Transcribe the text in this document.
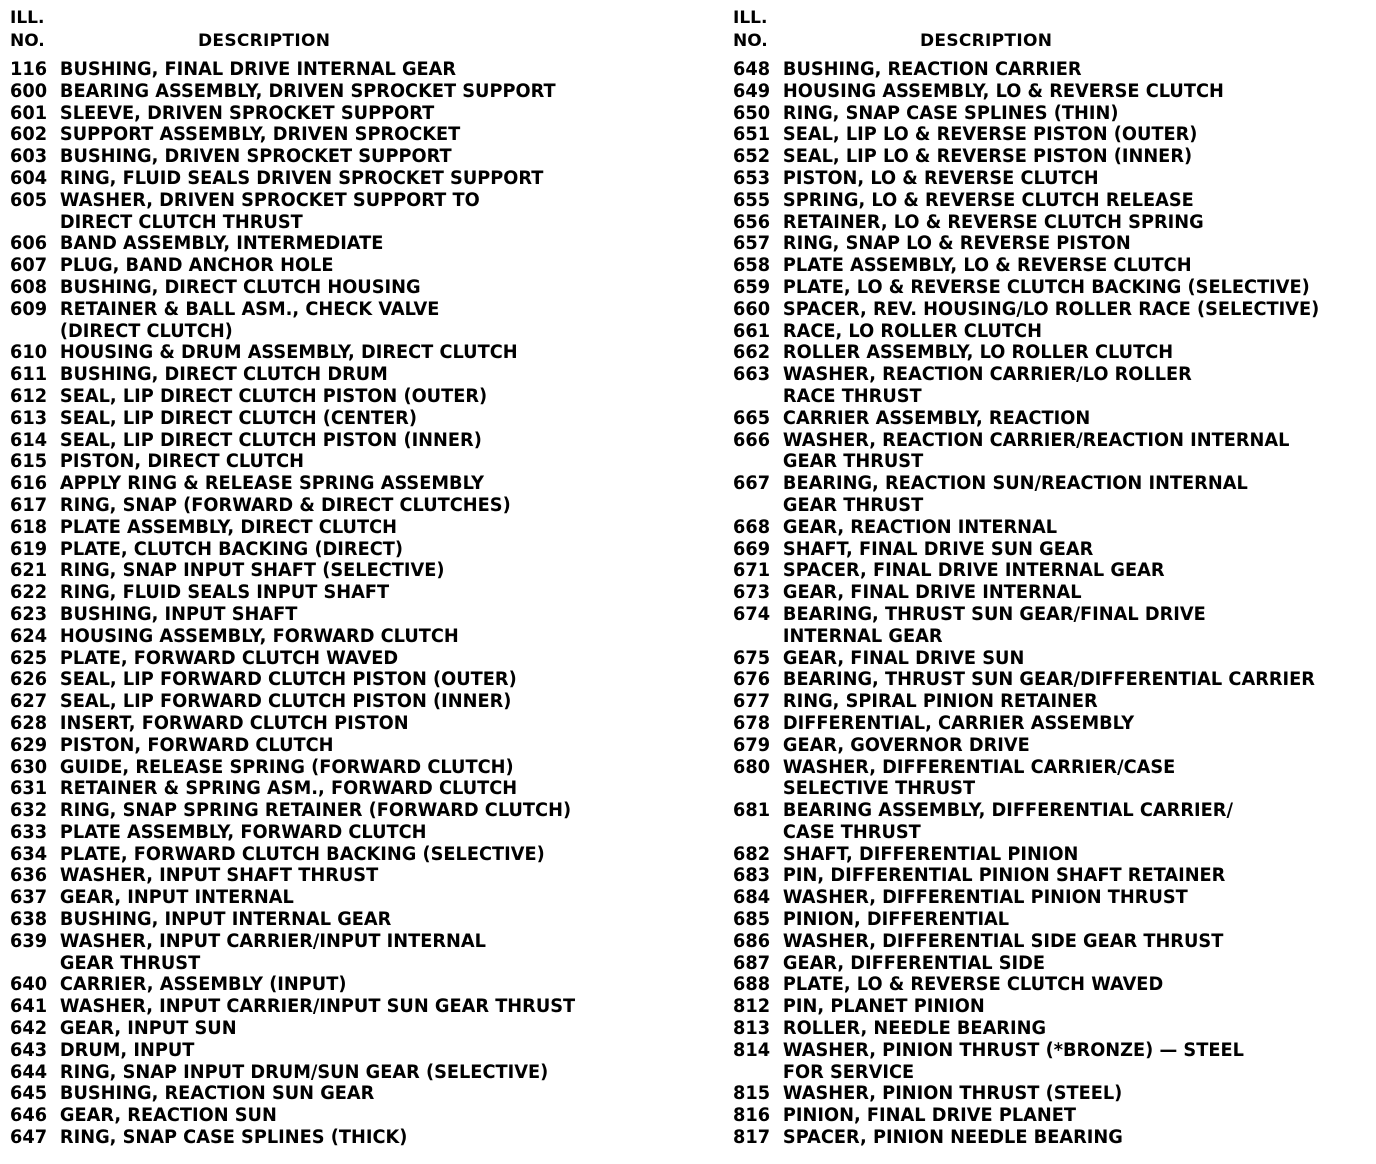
ILL.
NO.	DESCRIPTION
116 BUSHING, FINAL DRIVE INTERNAL GEAR
600 BEARING ASSEMBLY, DRIVEN SPROCKET SUPPORT
601 SLEEVE, DRIVEN SPROCKET SUPPORT
602 SUPPORT ASSEMBLY, DRIVEN SPROCKET
603 BUSHING, DRIVEN SPROCKET SUPPORT
604 RING, FLUID SEALS DRIVEN SPROCKET SUPPORT
605 WASHER, DRIVEN SPROCKET SUPPORT TO
DIRECT CLUTCH THRUST
606 BAND ASSEMBLY, INTERMEDIATE
607 PLUG, BAND ANCHOR HOLE
608 BUSHING, DIRECT CLUTCH HOUSING
609 RETAINER & BALL ASM., CHECK VALVE
(DIRECT CLUTCH)
610 HOUSING & DRUM ASSEMBLY, DIRECT CLUTCH
611 BUSHING, DIRECT CLUTCH DRUM
612 SEAL, LIP DIRECT CLUTCH PISTON (OUTER)
613 SEAL, LIP DIRECT CLUTCH (CENTER)
614 SEAL, LIP DIRECT CLUTCH PISTON (INNER)
615 PISTON, DIRECT CLUTCH
616 APPLY RING & RELEASE SPRING ASSEMBLY
617 RING, SNAP (FORWARD & DIRECT CLUTCHES)
618 PLATE ASSEMBLY, DIRECT CLUTCH
619 PLATE, CLUTCH BACKING (DIRECT)
621 RING, SNAP INPUT SHAFT (SELECTIVE)
622 RING, FLUID SEALS INPUT SHAFT
623 BUSHING, INPUT SHAFT
624 HOUSING ASSEMBLY, FORWARD CLUTCH
625 PLATE, FORWARD CLUTCH WAVED
626 SEAL, LIP FORWARD CLUTCH PISTON (OUTER)
627 SEAL, LIP FORWARD CLUTCH PISTON (INNER)
628 INSERT, FORWARD CLUTCH PISTON
629 PISTON, FORWARD CLUTCH
630 GUIDE, RELEASE SPRING (FORWARD CLUTCH)
631 RETAINER & SPRING ASM., FORWARD CLUTCH
632 RING, SNAP SPRING RETAINER (FORWARD CLUTCH)
633 PLATE ASSEMBLY, FORWARD CLUTCH
634 PLATE, FORWARD CLUTCH BACKING (SELECTIVE)
636 WASHER, INPUT SHAFT THRUST
637 GEAR, INPUT INTERNAL
638 BUSHING, INPUT INTERNAL GEAR
639 WASHER, INPUT CARRIER/INPUT INTERNAL
GEAR THRUST
640 CARRIER, ASSEMBLY (INPUT)
641 WASHER, INPUT CARRIER/INPUT SUN GEAR THRUST
642 GEAR, INPUT SUN
643 DRUM, INPUT
644 RING, SNAP INPUT DRUM/SUN GEAR (SELECTIVE)
645 BUSHING, REACTION SUN GEAR
646 GEAR, REACTION SUN
647 RING, SNAP CASE SPLINES (THICK)
ILL.
NO.	DESCRIPTION
648 BUSHING, REACTION CARRIER
649 HOUSING ASSEMBLY, LO & REVERSE CLUTCH
650 RING, SNAP CASE SPLINES (THIN)
651 SEAL, LIP LO & REVERSE PISTON (OUTER)
652 SEAL, LIP LO & REVERSE PISTON (INNER)
653 PISTON, LO & REVERSE CLUTCH
655 SPRING, LO & REVERSE CLUTCH RELEASE
656 RETAINER, LO & REVERSE CLUTCH SPRING
657 RING, SNAP LO & REVERSE PISTON
658 PLATE ASSEMBLY, LO & REVERSE CLUTCH
659 PLATE, LO & REVERSE CLUTCH BACKING (SELECTIVE)
660 SPACER, REV. HOUSING/LO ROLLER RACE (SELECTIVE)
661 RACE, LO ROLLER CLUTCH
662 ROLLER ASSEMBLY, LO ROLLER CLUTCH
663 WASHER, REACTION CARRIER/LO ROLLER
RACE THRUST
665 CARRIER ASSEMBLY, REACTION
666 WASHER, REACTION CARRIER/REACTION INTERNAL
GEAR THRUST
667 BEARING, REACTION SUN/REACTION INTERNAL
GEAR THRUST
668 GEAR, REACTION INTERNAL
669 SHAFT, FINAL DRIVE SUN GEAR
671 SPACER, FINAL DRIVE INTERNAL GEAR
673 GEAR, FINAL DRIVE INTERNAL
674 BEARING, THRUST SUN GEAR/FINAL DRIVE
INTERNAL GEAR
675 GEAR, FINAL DRIVE SUN
676 BEARING, THRUST SUN GEAR/DIFFERENTIAL CARRIER
677 RING, SPIRAL PINION RETAINER
678 DIFFERENTIAL, CARRIER ASSEMBLY
679 GEAR, GOVERNOR DRIVE
680 WASHER, DIFFERENTIAL CARRIER/CASE
SELECTIVE THRUST
681 BEARING ASSEMBLY, DIFFERENTIAL CARRIER/
CASE THRUST
682 SHAFT, DIFFERENTIAL PINION
683 PIN, DIFFERENTIAL PINION SHAFT RETAINER
684 WASHER, DIFFERENTIAL PINION THRUST
685 PINION, DIFFERENTIAL
686 WASHER, DIFFERENTIAL SIDE GEAR THRUST
687 GEAR, DIFFERENTIAL SIDE
688 PLATE, LO & REVERSE CLUTCH WAVED
812 PIN, PLANET PINION
813 ROLLER, NEEDLE BEARING
814 WASHER, PINION THRUST (*BRONZE) — STEEL
FOR SERVICE
815 WASHER, PINION THRUST (STEEL)
816 PINION, FINAL DRIVE PLANET
817 SPACER, PINION NEEDLE BEARING
